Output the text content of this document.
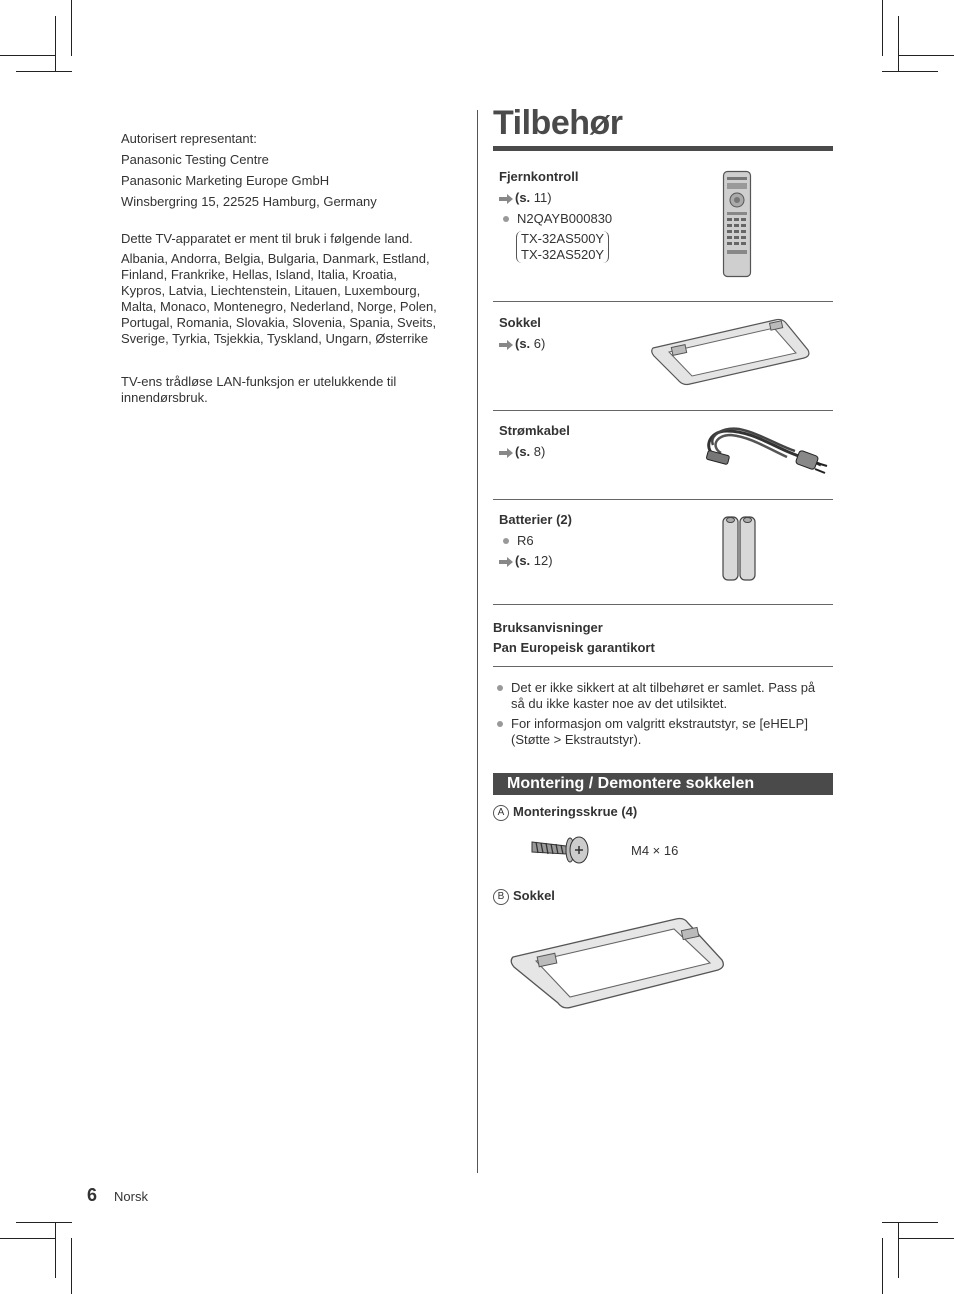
Autorisert representant:
Panasonic Testing Centre
Panasonic Marketing Europe GmbH
Winsbergring 15, 22525 Hamburg, Germany
Dette TV-apparatet er ment til bruk i følgende land.
Albania, Andorra, Belgia, Bulgaria, Danmark, Estland,
Finland, Frankrike, Hellas, Island, Italia, Kroatia,
Kypros, Latvia, Liechtenstein, Litauen, Luxembourg,
Malta, Monaco, Montenegro, Nederland, Norge, Polen,
Portugal, Romania, Slovakia, Slovenia, Spania, Sveits,
Sverige, Tyrkia, Tsjekkia, Tyskland, Ungarn, Østerrike
TV-ens trådløse LAN-funksjon er utelukkende til
innendørsbruk.
Tilbehør
Fjernkontroll
(s. 11)
N2QAYB000830
TX-32AS500Y
TX-32AS520Y
Sokkel
(s. 6)
Strømkabel
(s. 8)
Batterier (2)
R6
(s. 12)
Bruksanvisninger
Pan Europeisk garantikort
Det er ikke sikkert at alt tilbehøret er samlet. Pass på
så du ikke kaster noe av det utilsiktet.
For informasjon om valgritt ekstrautstyr, se [eHELP]
(Støtte > Ekstrautstyr).
Montering / Demontere sokkelen
A Monteringsskrue (4)
M4 × 16
B Sokkel
6 Norsk
